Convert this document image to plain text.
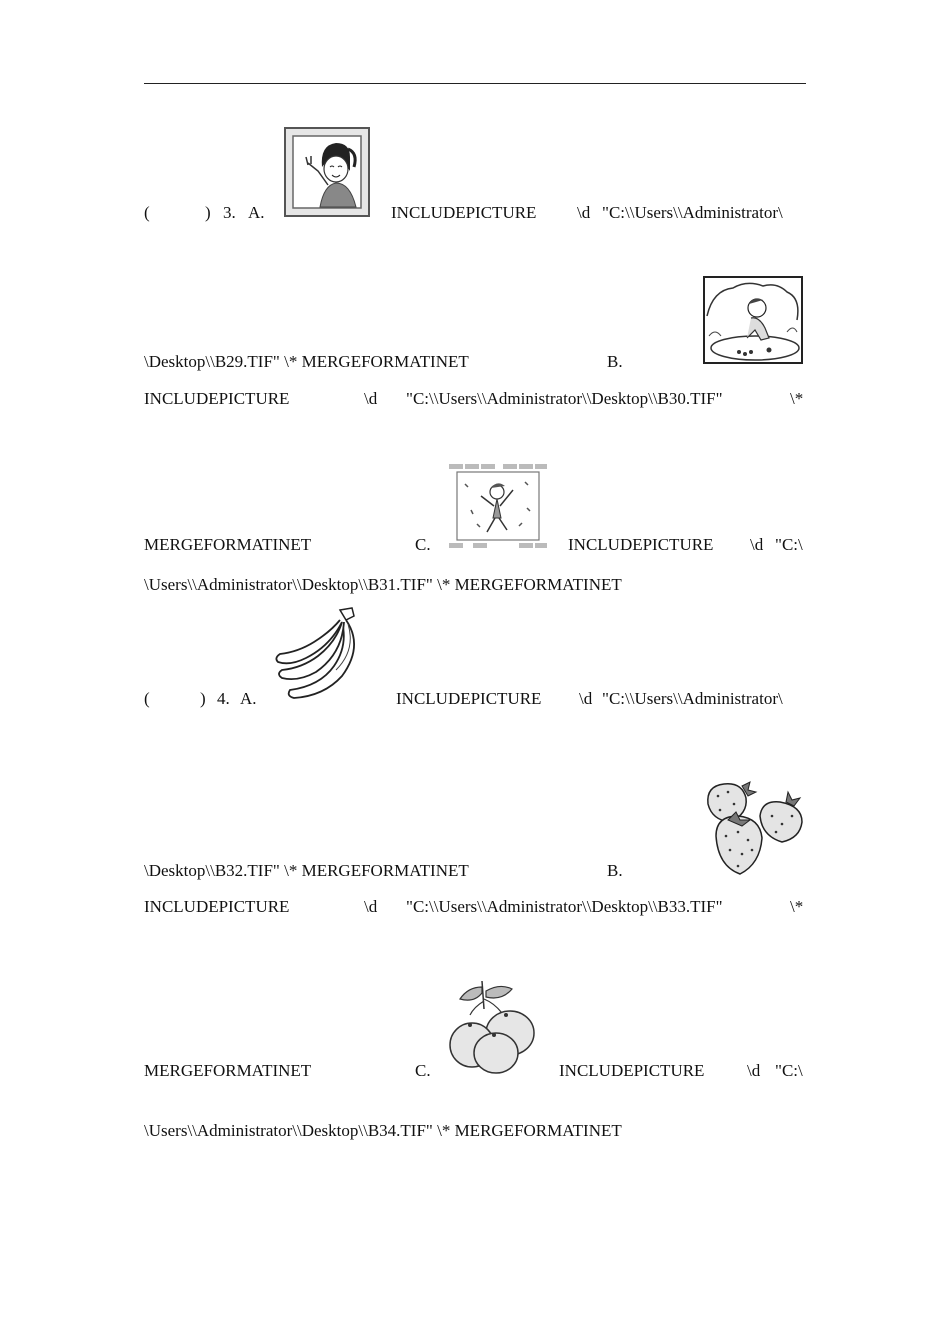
(	) 3. A.	INCLUDEPICTURE \d "C:\\Users\\Administrator\
\Desktop\\B29.TIF" \* MERGEFORMATINET	B.
INCLUDEPICTURE	\d "C:\\Users\\Administrator\\Desktop\\B30.TIF"	\*
MERGEFORMATINET	C.	INCLUDEPICTURE \d "C:\
\Users\\Administrator\\Desktop\\B31.TIF" \* MERGEFORMATINET
(	) 4. A.	INCLUDEPICTURE \d "C:\\Users\\Administrator\
\Desktop\\B32.TIF" \* MERGEFORMATINET	B.
INCLUDEPICTURE	\d "C:\\Users\\Administrator\\Desktop\\B33.TIF"	\*
MERGEFORMATINET	C.	INCLUDEPICTURE	\d "C:\
\Users\\Administrator\\Desktop\\B34.TIF" \* MERGEFORMATINET
